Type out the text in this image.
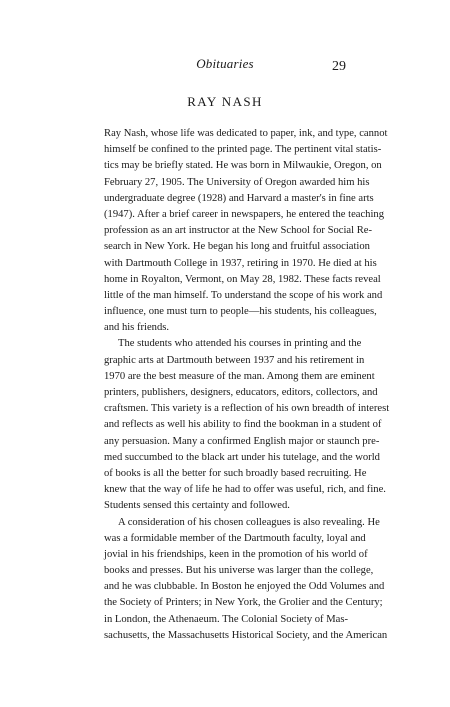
Obituaries	29
RAY NASH
Ray Nash, whose life was dedicated to paper, ink, and type, cannot
himself be confined to the printed page. The pertinent vital statis-
tics may be briefly stated. He was born in Milwaukie, Oregon, on
February 27, 1905. The University of Oregon awarded him his
undergraduate degree (1928) and Harvard a master's in fine arts
(1947). After a brief career in newspapers, he entered the teaching
profession as an art instructor at the New School for Social Re-
search in New York. He began his long and fruitful association
with Dartmouth College in 1937, retiring in 1970. He died at his
home in Royalton, Vermont, on May 28, 1982. These facts reveal
little of the man himself. To understand the scope of his work and
influence, one must turn to people—his students, his colleagues,
and his friends.
The students who attended his courses in printing and the
graphic arts at Dartmouth between 1937 and his retirement in
1970 are the best measure of the man. Among them are eminent
printers, publishers, designers, educators, editors, collectors, and
craftsmen. This variety is a reflection of his own breadth of interest
and reflects as well his ability to find the bookman in a student of
any persuasion. Many a confirmed English major or staunch pre-
med succumbed to the black art under his tutelage, and the world
of books is all the better for such broadly based recruiting. He
knew that the way of life he had to offer was useful, rich, and fine.
Students sensed this certainty and followed.
A consideration of his chosen colleagues is also revealing. He
was a formidable member of the Dartmouth faculty, loyal and
jovial in his friendships, keen in the promotion of his world of
books and presses. But his universe was larger than the college,
and he was clubbable. In Boston he enjoyed the Odd Volumes and
the Society of Printers; in New York, the Grolier and the Century;
in London, the Athenaeum. The Colonial Society of Mas-
sachusetts, the Massachusetts Historical Society, and the American
